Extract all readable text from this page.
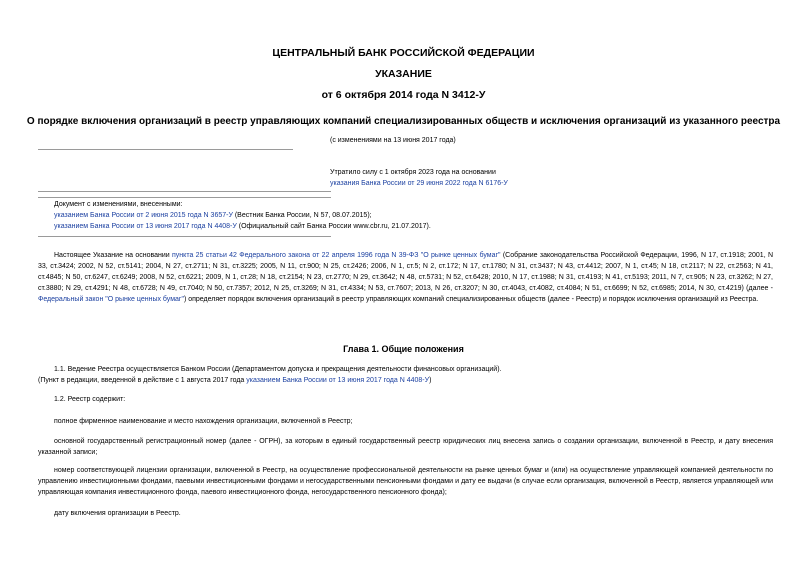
ЦЕНТРАЛЬНЫЙ БАНК РОССИЙСКОЙ ФЕДЕРАЦИИ
УКАЗАНИЕ
от 6 октября 2014 года N 3412-У
О порядке включения организаций в реестр управляющих компаний специализированных обществ и исключения организаций из указанного реестра
(с изменениями на 13 июня 2017 года)
Утратило силу с 1 октября 2023 года на основании
указания Банка России от 29 июня 2022 года N 6176-У
Документ с изменениями, внесенными:
указанием Банка России от 2 июня 2015 года N 3657-У (Вестник Банка России, N 57, 08.07.2015);
указанием Банка России от 13 июня 2017 года N 4408-У (Официальный сайт Банка России www.cbr.ru, 21.07.2017).
Настоящее Указание на основании пункта 25 статьи 42 Федерального закона от 22 апреля 1996 года N 39-ФЗ "О рынке ценных бумаг" (Собрание законодательства Российской Федерации, 1996, N 17, ст.1918; 2001, N 33, ст.3424; 2002, N 52, ст.5141; 2004, N 27, ст.2711; N 31, ст.3225; 2005, N 11, ст.900; N 25, ст.2426; 2006, N 1, ст.5; N 2, ст.172; N 17, ст.1780; N 31, ст.3437; N 43, ст.4412; 2007, N 1, ст.45; N 18, ст.2117; N 22, ст.2563; N 41, ст.4845; N 50, ст.6247, ст.6249; 2008, N 52, ст.6221; 2009, N 1, ст.28; N 18, ст.2154; N 23, ст.2770; N 29, ст.3642; N 48, ст.5731; N 52, ст.6428; 2010, N 17, ст.1988; N 31, ст.4193; N 41, ст.5193; 2011, N 7, ст.905; N 23, ст.3262; N 27, ст.3880; N 29, ст.4291; N 48, ст.6728; N 49, ст.7040; N 50, ст.7357; 2012, N 25, ст.3269; N 31, ст.4334; N 53, ст.7607; 2013, N 26, ст.3207; N 30, ст.4043, ст.4082, ст.4084; N 51, ст.6699; N 52, ст.6985; 2014, N 30, ст.4219) (далее - Федеральный закон "О рынке ценных бумаг") определяет порядок включения организаций в реестр управляющих компаний специализированных обществ (далее - Реестр) и порядок исключения организаций из Реестра.
Глава 1. Общие положения
1.1. Ведение Реестра осуществляется Банком России (Департаментом допуска и прекращения деятельности финансовых организаций).
(Пункт в редакции, введенной в действие с 1 августа 2017 года указанием Банка России от 13 июня 2017 года N 4408-У)
1.2. Реестр содержит:
полное фирменное наименование и место нахождения организации, включенной в Реестр;
основной государственный регистрационный номер (далее - ОГРН), за которым в единый государственный реестр юридических лиц внесена запись о создании организации, включенной в Реестр, и дату внесения указанной записи;
номер соответствующей лицензии организации, включенной в Реестр, на осуществление профессиональной деятельности на рынке ценных бумаг и (или) на осуществление управляющей компанией деятельности по управлению инвестиционными фондами, паевыми инвестиционными фондами и негосударственными пенсионными фондами и дату ее выдачи (в случае если организация, включенной в Реестр, является управляющей или управляющая компания инвестиционного фонда, паевого инвестиционного фонда, негосударственного пенсионного фонда);
дату включения организации в Реестр.
